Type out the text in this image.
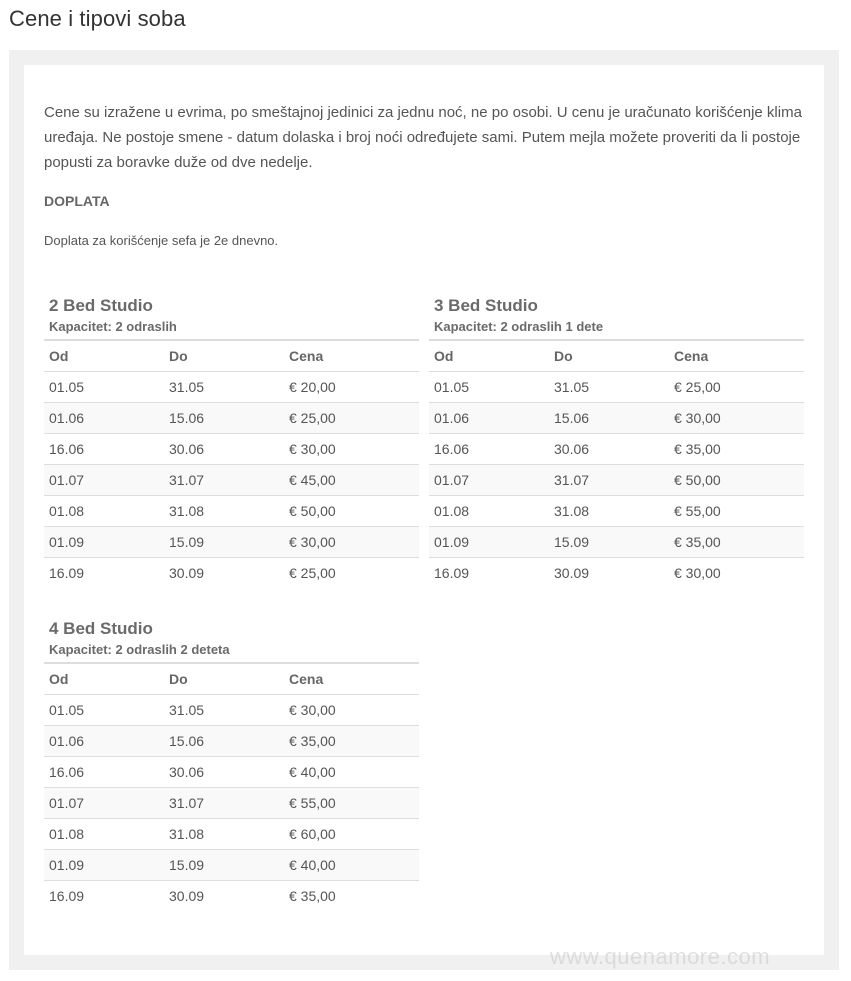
Cene i tipovi soba

Cene su izražene u evrima, po smeštajnoj jedinici za jednu noć, ne po osobi. U cenu je uračunato korišćenje klima uređaja. Ne postoje smene - datum dolaska i broj noći određujete sami. Putem mejla možete proveriti da li postoje popusti za boravke duže od dve nedelje.

DOPLATA

Doplata za korišćenje sefa je 2e dnevno.

2 Bed Studio
Kapacitet: 2 odraslih
Od	Do	Cena
01.05	31.05	€ 20,00
01.06	15.06	€ 25,00
16.06	30.06	€ 30,00
01.07	31.07	€ 45,00
01.08	31.08	€ 50,00
01.09	15.09	€ 30,00
16.09	30.09	€ 25,00
3 Bed Studio
Kapacitet: 2 odraslih 1 dete
Od	Do	Cena
01.05	31.05	€ 25,00
01.06	15.06	€ 30,00
16.06	30.06	€ 35,00
01.07	31.07	€ 50,00
01.08	31.08	€ 55,00
01.09	15.09	€ 35,00
16.09	30.09	€ 30,00
4 Bed Studio
Kapacitet: 2 odraslih 2 deteta
Od	Do	Cena
01.05	31.05	€ 30,00
01.06	15.06	€ 35,00
16.06	30.06	€ 40,00
01.07	31.07	€ 55,00
01.08	31.08	€ 60,00
01.09	15.09	€ 40,00
16.09	30.09	€ 35,00
www.quenamore.com
